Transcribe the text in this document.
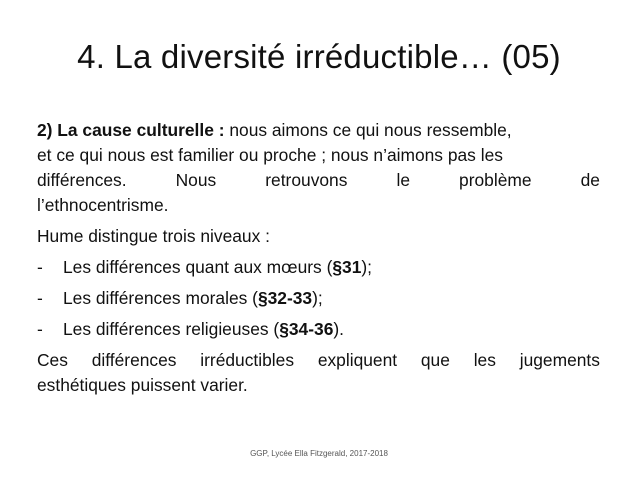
4. La diversité irréductible… (05)
2) La cause culturelle : nous aimons ce qui nous ressemble,
et ce qui nous est familier ou proche ; nous n’aimons pas les
différences.	Nous	retrouvons	le	problème	de
l’ethnocentrisme.
Hume distingue trois niveaux :
-	Les différences quant aux mœurs (§31);
-	Les différences morales (§32-33);
-	Les différences religieuses (§34-36).
Ces différences irréductibles expliquent que les jugements
esthétiques puissent varier.
GGP, Lycée Ella Fitzgerald, 2017-2018
